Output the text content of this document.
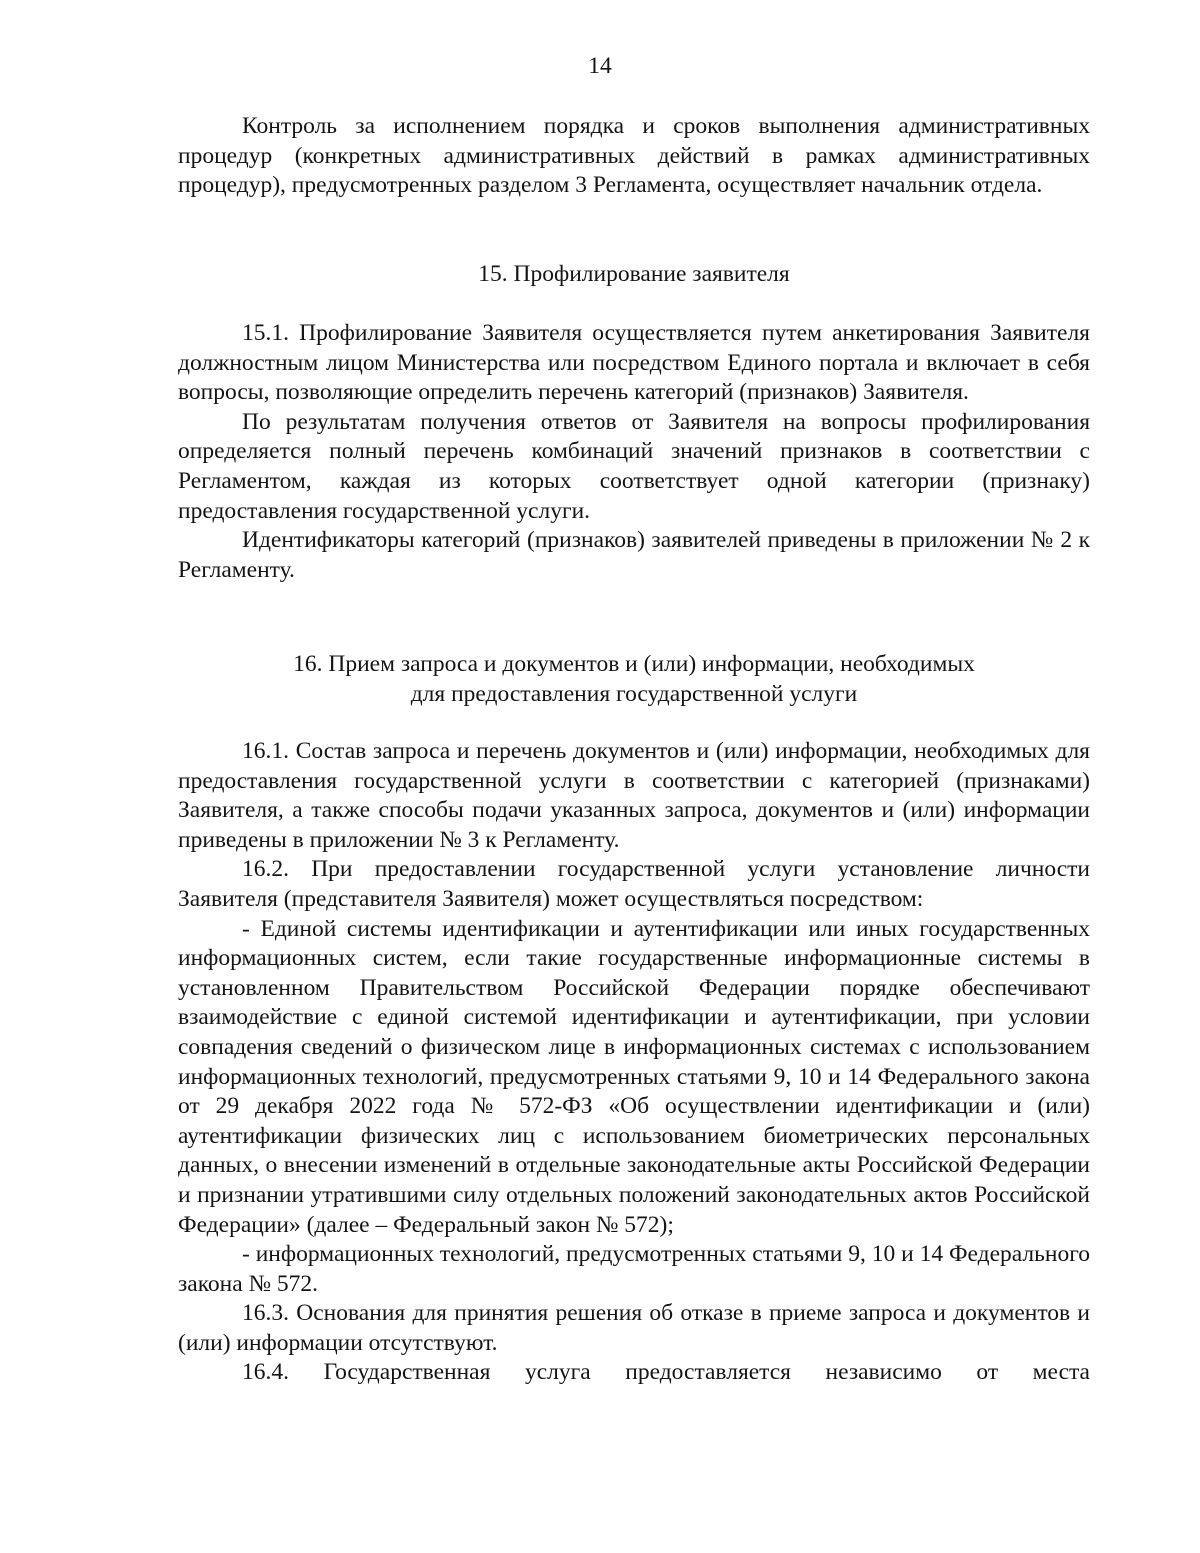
14

Контроль за исполнением порядка и сроков выполнения административных процедур (конкретных административных действий в рамках административных процедур), предусмотренных разделом 3 Регламента, осуществляет начальник отдела.

15. Профилирование заявителя

15.1. Профилирование Заявителя осуществляется путем анкетирования Заявителя должностным лицом Министерства или посредством Единого портала и включает в себя вопросы, позволяющие определить перечень категорий (признаков) Заявителя.

По результатам получения ответов от Заявителя на вопросы профилирования определяется полный перечень комбинаций значений признаков в соответствии с Регламентом, каждая из которых соответствует одной категории (признаку) предоставления государственной услуги.

Идентификаторы категорий (признаков) заявителей приведены в приложении № 2 к Регламенту.

16. Прием запроса и документов и (или) информации, необходимых
для предоставления государственной услуги

16.1. Состав запроса и перечень документов и (или) информации, необходимых для предоставления государственной услуги в соответствии с категорией (признаками) Заявителя, а также способы подачи указанных запроса, документов и (или) информации приведены в приложении № 3 к Регламенту.

16.2. При предоставлении государственной услуги установление личности Заявителя (представителя Заявителя) может осуществляться посредством:

- Единой системы идентификации и аутентификации или иных государственных информационных систем, если такие государственные информационные системы в установленном Правительством Российской Федерации порядке обеспечивают взаимодействие с единой системой идентификации и аутентификации, при условии совпадения сведений о физическом лице в информационных системах с использованием информационных технологий, предусмотренных статьями 9, 10 и 14 Федерального закона от 29 декабря 2022 года № 572-ФЗ «Об осуществлении идентификации и (или) аутентификации физических лиц с использованием биометрических персональных данных, о внесении изменений в отдельные законодательные акты Российской Федерации и признании утратившими силу отдельных положений законодательных актов Российской Федерации» (далее – Федеральный закон № 572);

- информационных технологий, предусмотренных статьями 9, 10 и 14 Федерального закона № 572.

16.3. Основания для принятия решения об отказе в приеме запроса и документов и (или) информации отсутствуют.

16.4. Государственная услуга предоставляется независимо от места
